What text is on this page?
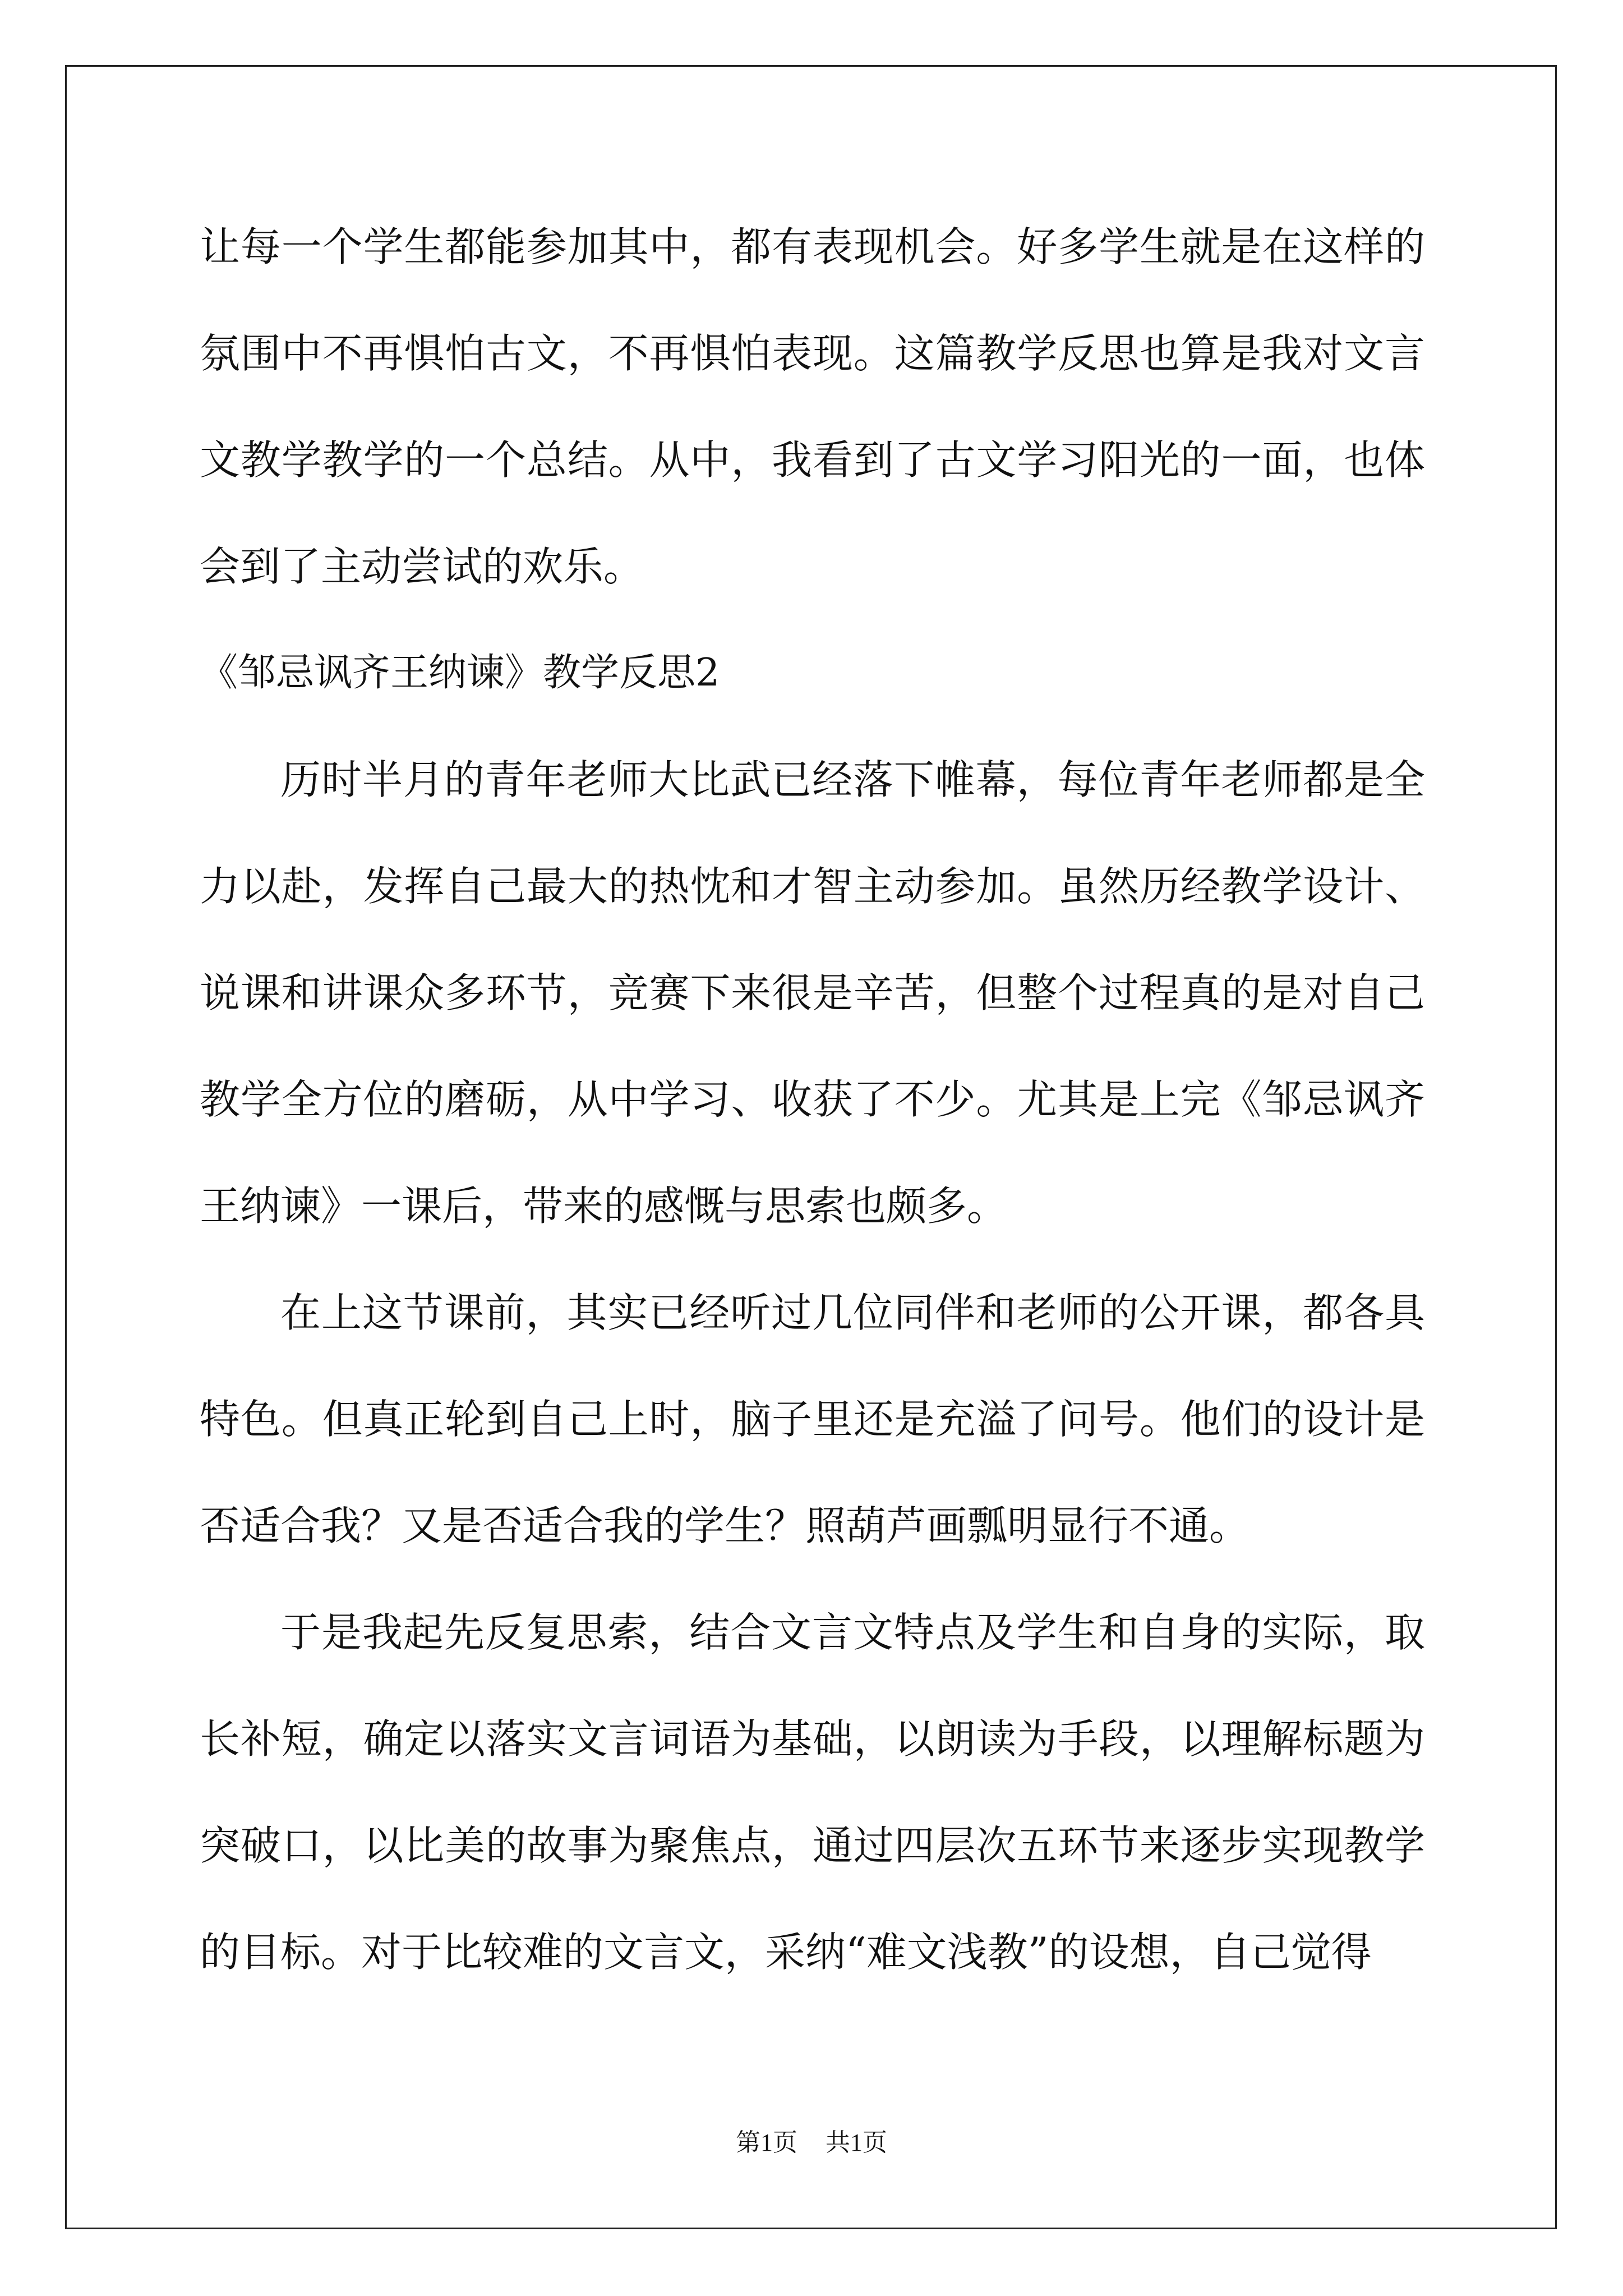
让每一个学生都能参加其中，都有表现机会。好多学生就是在这样的氛围中不再惧怕古文，不再惧怕表现。这篇教学反思也算是我对文言文教学教学的一个总结。从中，我看到了古文学习阳光的一面，也体会到了主动尝试的欢乐。

《邹忌讽齐王纳谏》教学反思2

历时半月的青年老师大比武已经落下帷幕，每位青年老师都是全力以赴，发挥自己最大的热忱和才智主动参加。虽然历经教学设计、说课和讲课众多环节，竞赛下来很是辛苦，但整个过程真的是对自己教学全方位的磨砺，从中学习、收获了不少。尤其是上完《邹忌讽齐王纳谏》一课后，带来的感慨与思索也颇多。

在上这节课前，其实已经听过几位同伴和老师的公开课，都各具特色。但真正轮到自己上时，脑子里还是充溢了问号。他们的设计是否适合我？又是否适合我的学生？照葫芦画瓢明显行不通。

于是我起先反复思索，结合文言文特点及学生和自身的实际，取长补短，确定以落实文言词语为基础，以朗读为手段，以理解标题为突破口，以比美的故事为聚焦点，通过四层次五环节来逐步实现教学的目标。对于比较难的文言文，采纳“难文浅教”的设想，自己觉得

第1页 共1页
